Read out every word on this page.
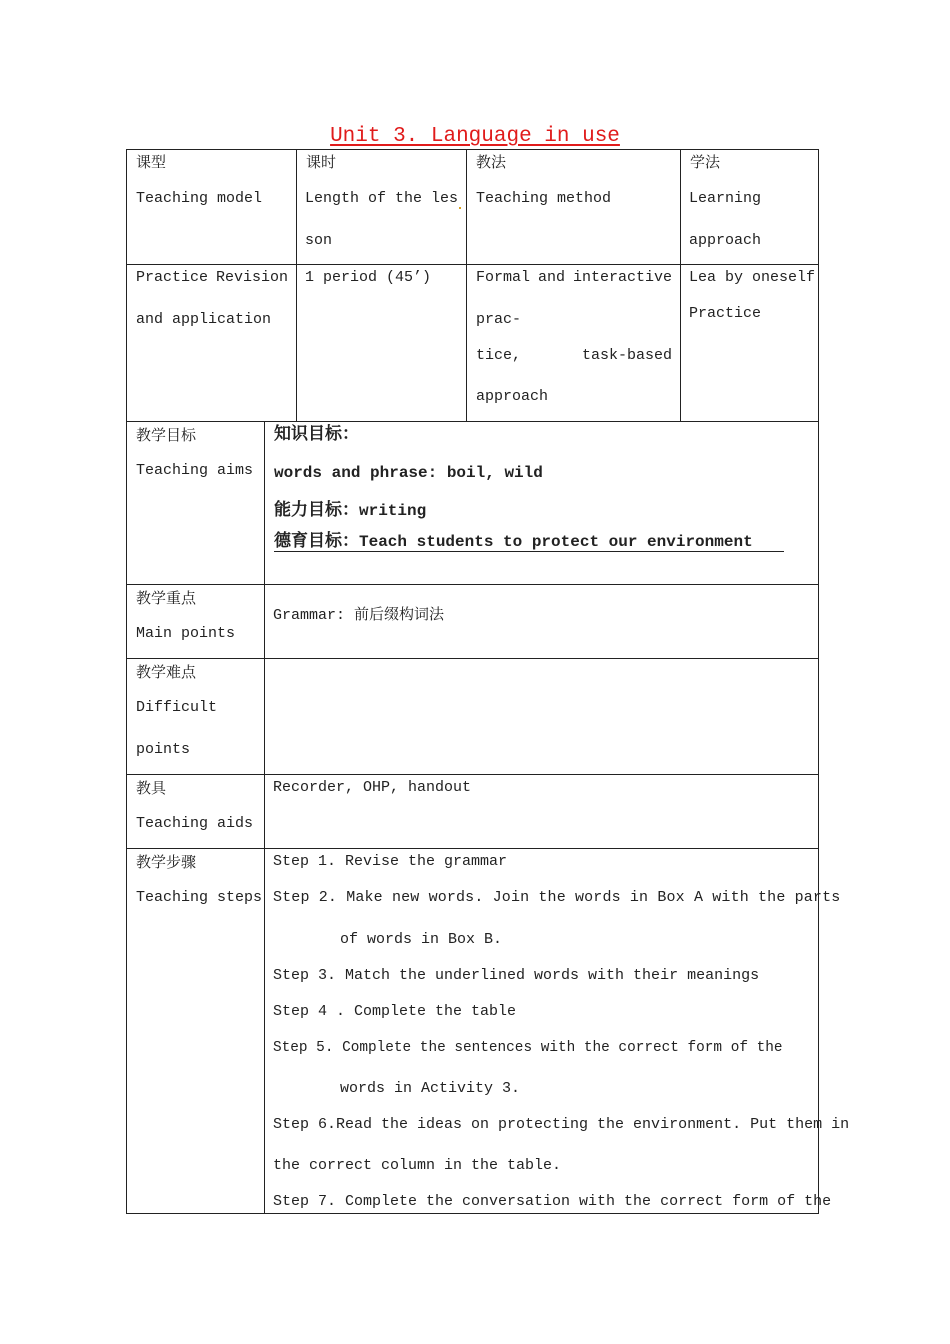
Unit 3. Language in use
课型
Teaching model
课时
Length of the les
son
教法
Teaching method
学法
Learning
approach
Practice Revision
and application
1 period (45’)	Formal and interactive
prac-
tice,	task-based
approach
Lea by oneself
Practice
教学目标
Teaching aims
知识目标：
words and phrase: boil, wild
能力目标：writing
德育目标：Teach students to protect our environment
教学重点
Main points
Grammar: 前后缀构词法
教学难点
Difficult
points
教具
Teaching aids
Recorder, OHP, handout
教学步骤
Teaching steps
Step 1. Revise the grammar
Step 2. Make new words. Join the words in Box A with the parts
of words in Box B.
Step 3. Match the underlined words with their meanings
Step 4 . Complete the table
Step 5. Complete the sentences with the correct form of the
words in Activity 3.
Step 6.Read the ideas on protecting the environment. Put them in
the correct column in the table.
Step 7. Complete the conversation with the correct form of the
